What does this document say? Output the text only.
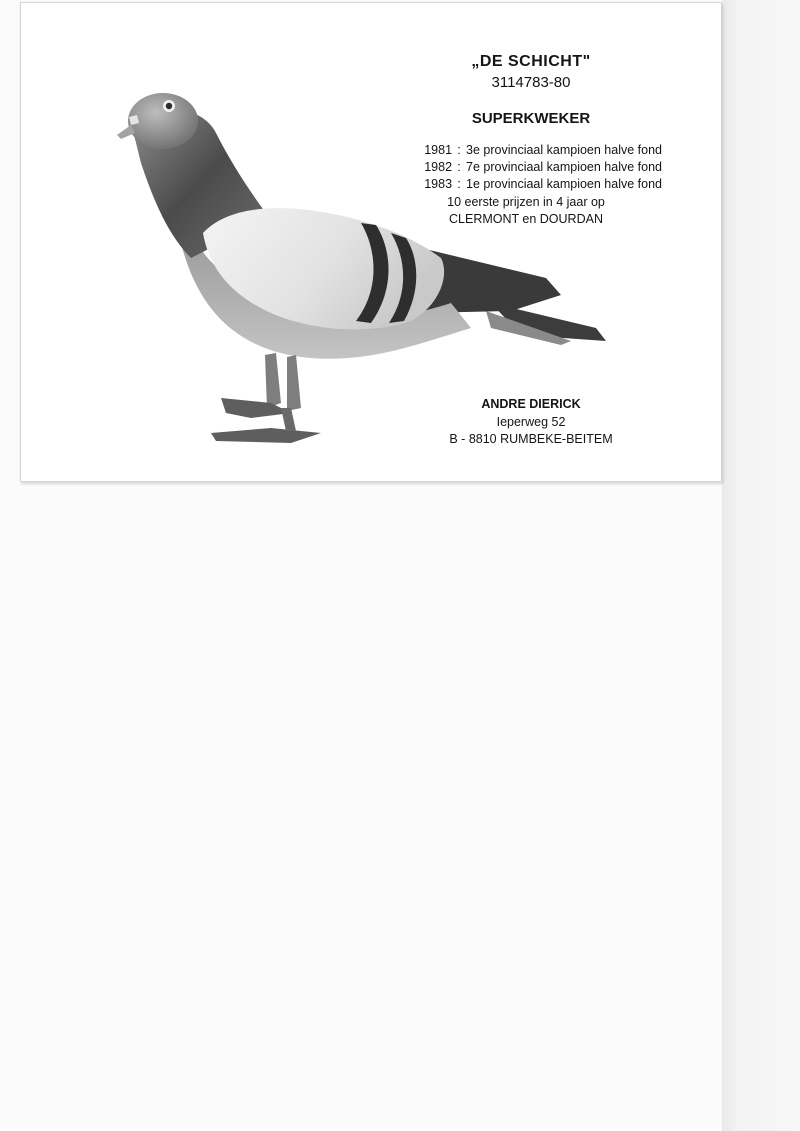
„DE SCHICHT"
3114783-80
SUPERKWEKER
1981 : 3e provinciaal kampioen halve fond
1982 : 7e provinciaal kampioen halve fond
1983 : 1e provinciaal kampioen halve fond
10 eerste prijzen in 4 jaar op
CLERMONT en DOURDAN
ANDRE DIERICK
Ieperweg 52
B - 8810 RUMBEKE-BEITEM
